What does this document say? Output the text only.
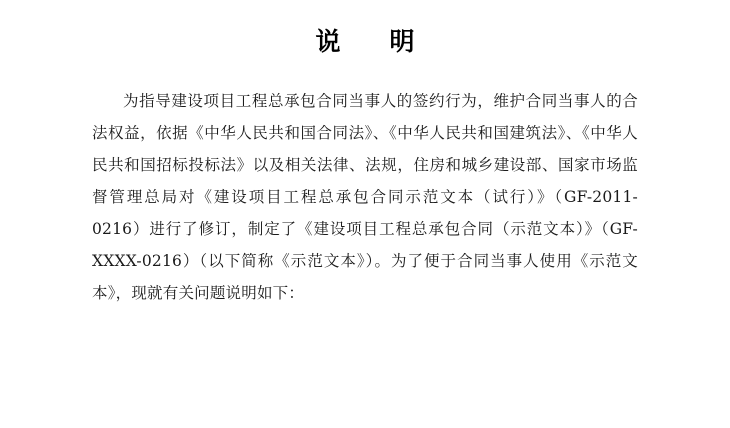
说　明

为指导建设项目工程总承包合同当事人的签约行为，维护合同当事人的合法权益，依据《中华人民共和国合同法》、《中华人民共和国建筑法》、《中华人民共和国招标投标法》以及相关法律、法规，住房和城乡建设部、国家市场监督管理总局对《建设项目工程总承包合同示范文本（试行）》（GF-2011-0216）进行了修订，制定了《建设项目工程总承包合同（示范文本）》（GF-XXXX-0216）（以下简称《示范文本》）。为了便于合同当事人使用《示范文本》，现就有关问题说明如下：
